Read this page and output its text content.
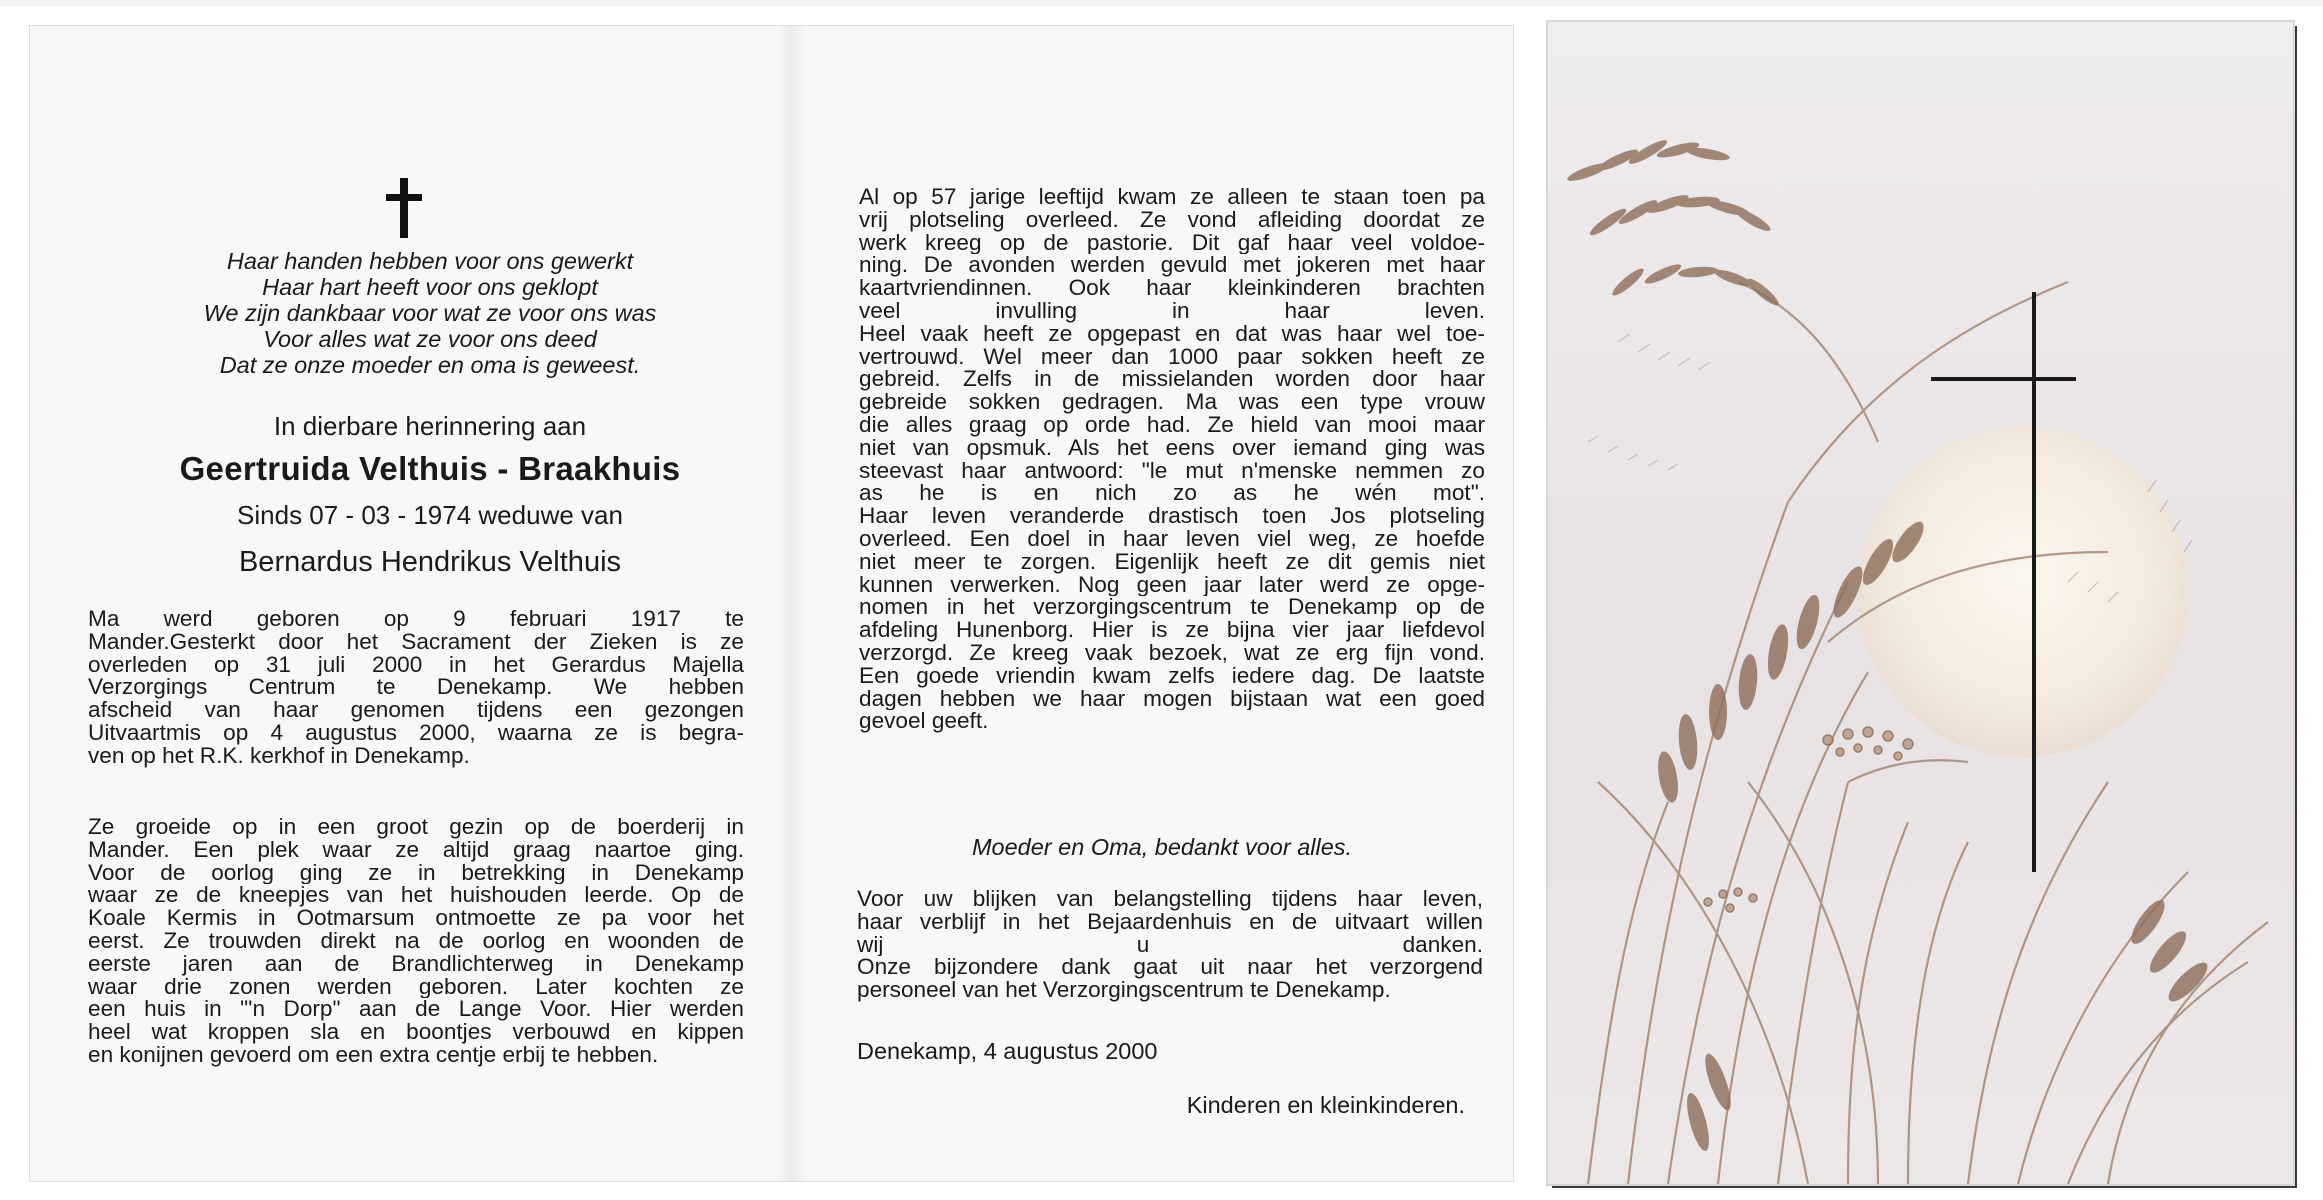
Haar handen hebben voor ons gewerkt
Haar hart heeft voor ons geklopt
We zijn dankbaar voor wat ze voor ons was
Voor alles wat ze voor ons deed
Dat ze onze moeder en oma is geweest.
In dierbare herinnering aan
Geertruida Velthuis - Braakhuis
Sinds 07 - 03 - 1974 weduwe van
Bernardus Hendrikus Velthuis
Ma werd geboren op 9 februari 1917 te
Mander.Gesterkt door het Sacrament der Zieken is ze
overleden op 31 juli 2000 in het Gerardus Majella
Verzorgings Centrum te Denekamp. We hebben
afscheid van haar genomen tijdens een gezongen
Uitvaartmis op 4 augustus 2000, waarna ze is begra-
ven op het R.K. kerkhof in Denekamp.
Ze groeide op in een groot gezin op de boerderij in
Mander. Een plek waar ze altijd graag naartoe ging.
Voor de oorlog ging ze in betrekking in Denekamp
waar ze de kneepjes van het huishouden leerde. Op de
Koale Kermis in Ootmarsum ontmoette ze pa voor het
eerst. Ze trouwden direkt na de oorlog en woonden de
eerste jaren aan de Brandlichterweg in Denekamp
waar drie zonen werden geboren. Later kochten ze
een huis in "'n Dorp" aan de Lange Voor. Hier werden
heel wat kroppen sla en boontjes verbouwd en kippen
en konijnen gevoerd om een extra centje erbij te hebben.
Al op 57 jarige leeftijd kwam ze alleen te staan toen pa
vrij plotseling overleed. Ze vond afleiding doordat ze
werk kreeg op de pastorie. Dit gaf haar veel voldoe-
ning. De avonden werden gevuld met jokeren met haar
kaartvriendinnen. Ook haar kleinkinderen brachten
veel invulling in haar leven.
Heel vaak heeft ze opgepast en dat was haar wel toe-
vertrouwd. Wel meer dan 1000 paar sokken heeft ze
gebreid. Zelfs in de missielanden worden door haar
gebreide sokken gedragen. Ma was een type vrouw
die alles graag op orde had. Ze hield van mooi maar
niet van opsmuk. Als het eens over iemand ging was
steevast haar antwoord: "le mut n'menske nemmen zo
as he is en nich zo as he wén mot".
Haar leven veranderde drastisch toen Jos plotseling
overleed. Een doel in haar leven viel weg, ze hoefde
niet meer te zorgen. Eigenlijk heeft ze dit gemis niet
kunnen verwerken. Nog geen jaar later werd ze opge-
nomen in het verzorgingscentrum te Denekamp op de
afdeling Hunenborg. Hier is ze bijna vier jaar liefdevol
verzorgd. Ze kreeg vaak bezoek, wat ze erg fijn vond.
Een goede vriendin kwam zelfs iedere dag. De laatste
dagen hebben we haar mogen bijstaan wat een goed
gevoel geeft.
Voor uw blijken van belangstelling tijdens haar leven,
haar verblijf in het Bejaardenhuis en de uitvaart willen
wij u danken.
Onze bijzondere dank gaat uit naar het verzorgend
personeel van het Verzorgingscentrum te Denekamp.
Denekamp, 4 augustus 2000
Kinderen en kleinkinderen.
Moeder en Oma, bedankt voor alles.
